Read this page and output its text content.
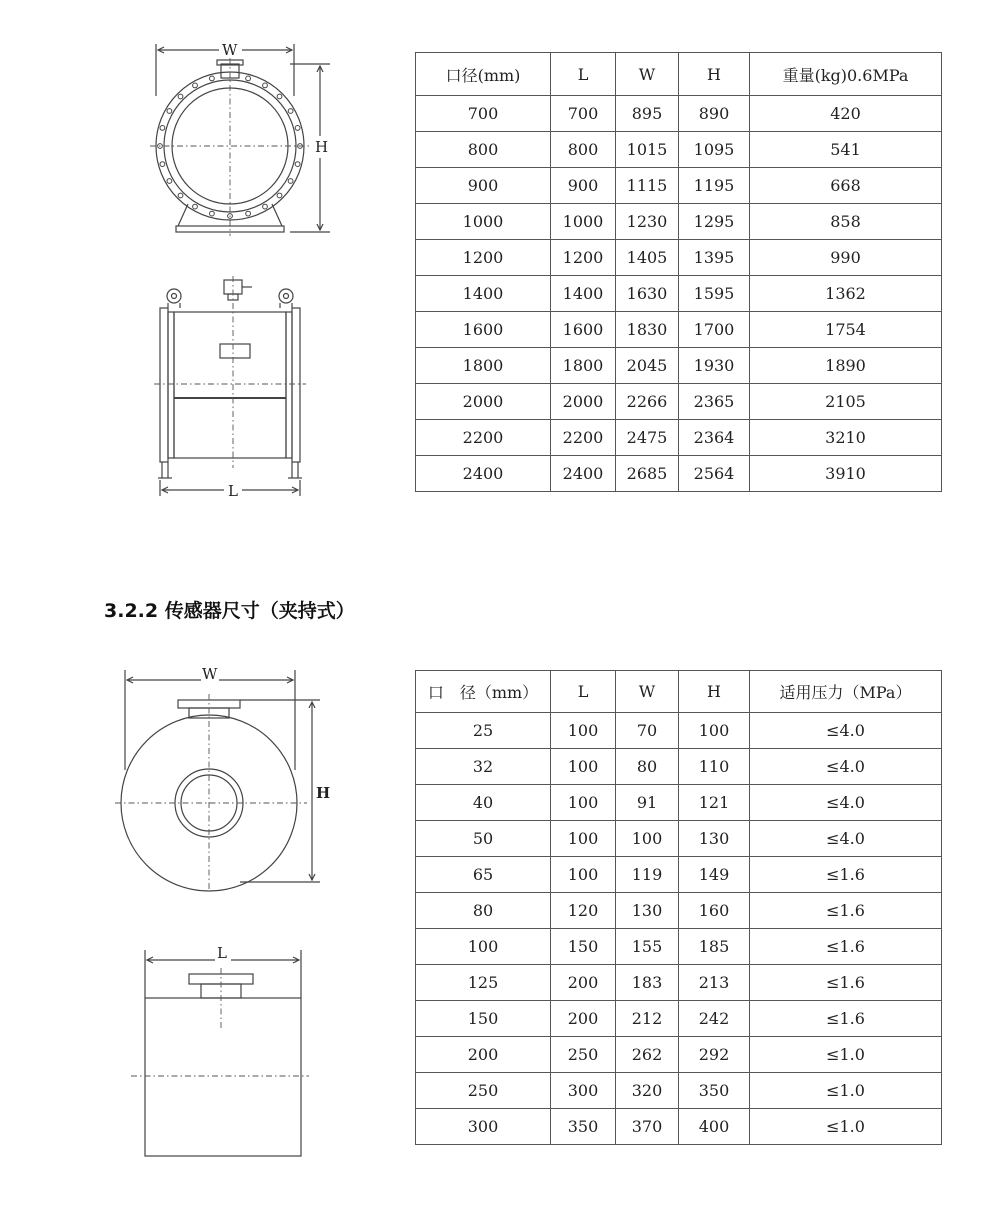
W
H
L
口径(mm)	L	W	H	重量(kg)0.6MPa
700	700	895	890	420
800	800	1015	1095	541
900	900	1115	1195	668
1000	1000	1230	1295	858
1200	1200	1405	1395	990
1400	1400	1630	1595	1362
1600	1600	1830	1700	1754
1800	1800	2045	1930	1890
2000	2000	2266	2365	2105
2200	2200	2475	2364	3210
2400	2400	2685	2564	3910
3.2.2 传感器尺寸（夹持式）
W
H
L
口　径（mm）	L	W	H	适用压力（MPa）
25	100	70	100	≤4.0
32	100	80	110	≤4.0
40	100	91	121	≤4.0
50	100	100	130	≤4.0
65	100	119	149	≤1.6
80	120	130	160	≤1.6
100	150	155	185	≤1.6
125	200	183	213	≤1.6
150	200	212	242	≤1.6
200	250	262	292	≤1.0
250	300	320	350	≤1.0
300	350	370	400	≤1.0
